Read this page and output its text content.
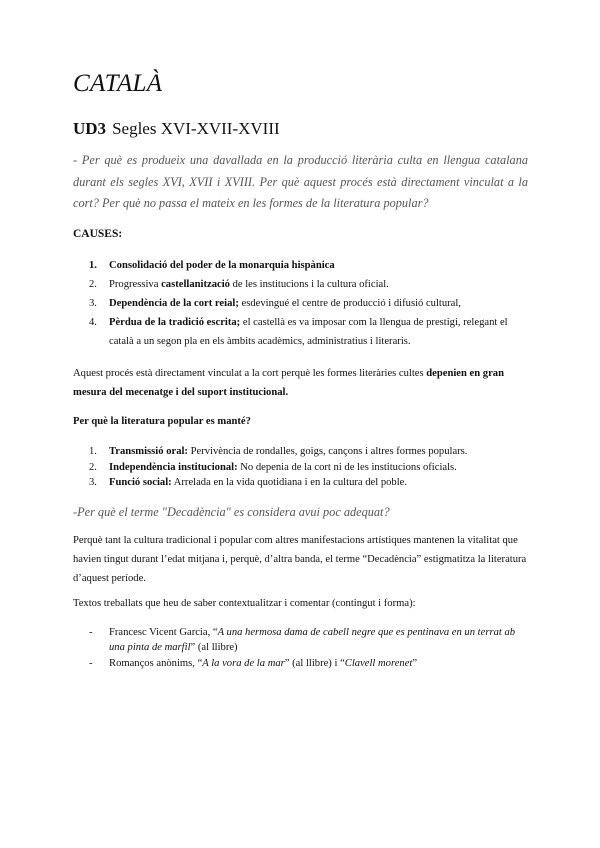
CATALÀ
UD3 Segles XVI-XVII-XVIII

- Per què es produeix una davallada en la producció literària culta en llengua catalana durant els segles XVI, XVII i XVIII. Per què aquest procés està directament vinculat a la cort? Per què no passa el mateix en les formes de la literatura popular?

CAUSES:

1. Consolidació del poder de la monarquia hispànica
2. Progressiva castellanització de les institucions i la cultura oficial.
3. Dependència de la cort reial; esdevingué el centre de producció i difusió cultural,
4. Pèrdua de la tradició escrita; el castellà es va imposar com la llengua de prestigi, relegant el català a un segon pla en els àmbits acadèmics, administratius i literaris.

Aquest procés està directament vinculat a la cort perquè les formes literàries cultes depenien en gran mesura del mecenatge i del suport institucional.

Per què la literatura popular es manté?

1. Transmissió oral: Pervivència de rondalles, goigs, cançons i altres formes populars.
2. Independència institucional: No depenia de la cort ni de les institucions oficials.
3. Funció social: Arrelada en la vida quotidiana i en la cultura del poble.

-Per què el terme "Decadència" es considera avui poc adequat?

Perquè tant la cultura tradicional i popular com altres manifestacions artístiques mantenen la vitalitat que havien tingut durant l’edat mitjana i, perquè, d’altra banda, el terme “Decadència” estigmatitza la literatura d’aquest període.

Textos treballats que heu de saber contextualitzar i comentar (contingut i forma):

- Francesc Vicent Garcia, “A una hermosa dama de cabell negre que es pentinava en un terrat ab una pinta de marfil” (al llibre)
- Romanços anònims, “A la vora de la mar” (al llibre) i “Clavell morenet”
